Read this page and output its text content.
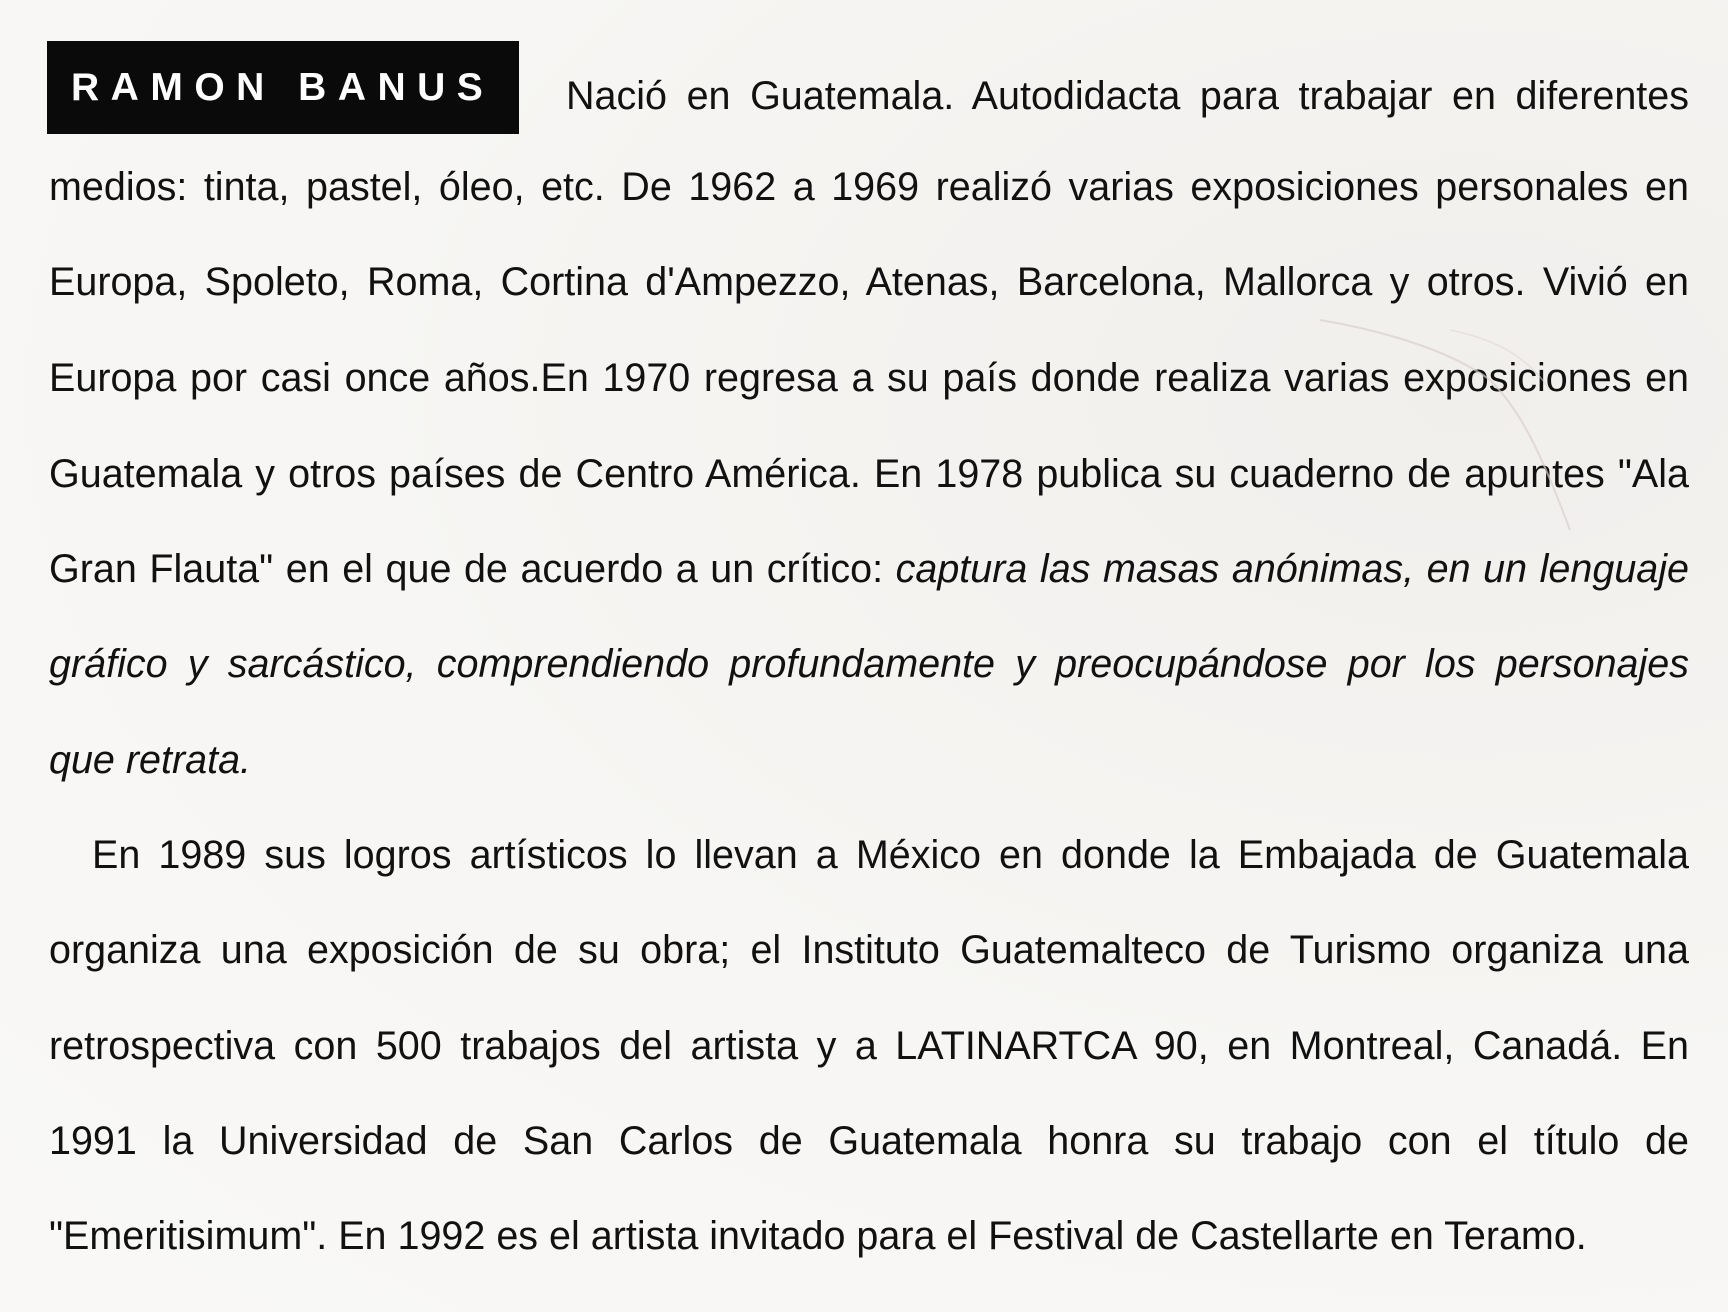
RAMON BANUS Nació en Guatemala. Autodidacta para trabajar en diferentes
medios: tinta, pastel, óleo, etc. De 1962 a 1969 realizó varias exposiciones personales en
Europa, Spoleto, Roma, Cortina d'Ampezzo, Atenas, Barcelona, Mallorca y otros. Vivió en
Europa por casi once años.En 1970 regresa a su país donde realiza varias exposiciones en
Guatemala y otros países de Centro América. En 1978 publica su cuaderno de apuntes "Ala
Gran Flauta" en el que de acuerdo a un crítico: captura las masas anónimas, en un lenguaje
gráfico y sarcástico, comprendiendo profundamente y preocupándose por los personajes
que retrata.
En 1989 sus logros artísticos lo llevan a México en donde la Embajada de Guatemala
organiza una exposición de su obra; el Instituto Guatemalteco de Turismo organiza una
retrospectiva con 500 trabajos del artista y a LATINARTCA 90, en Montreal, Canadá. En
1991 la Universidad de San Carlos de Guatemala honra su trabajo con el título de
"Emeritisimum". En 1992 es el artista invitado para el Festival de Castellarte en Teramo.
